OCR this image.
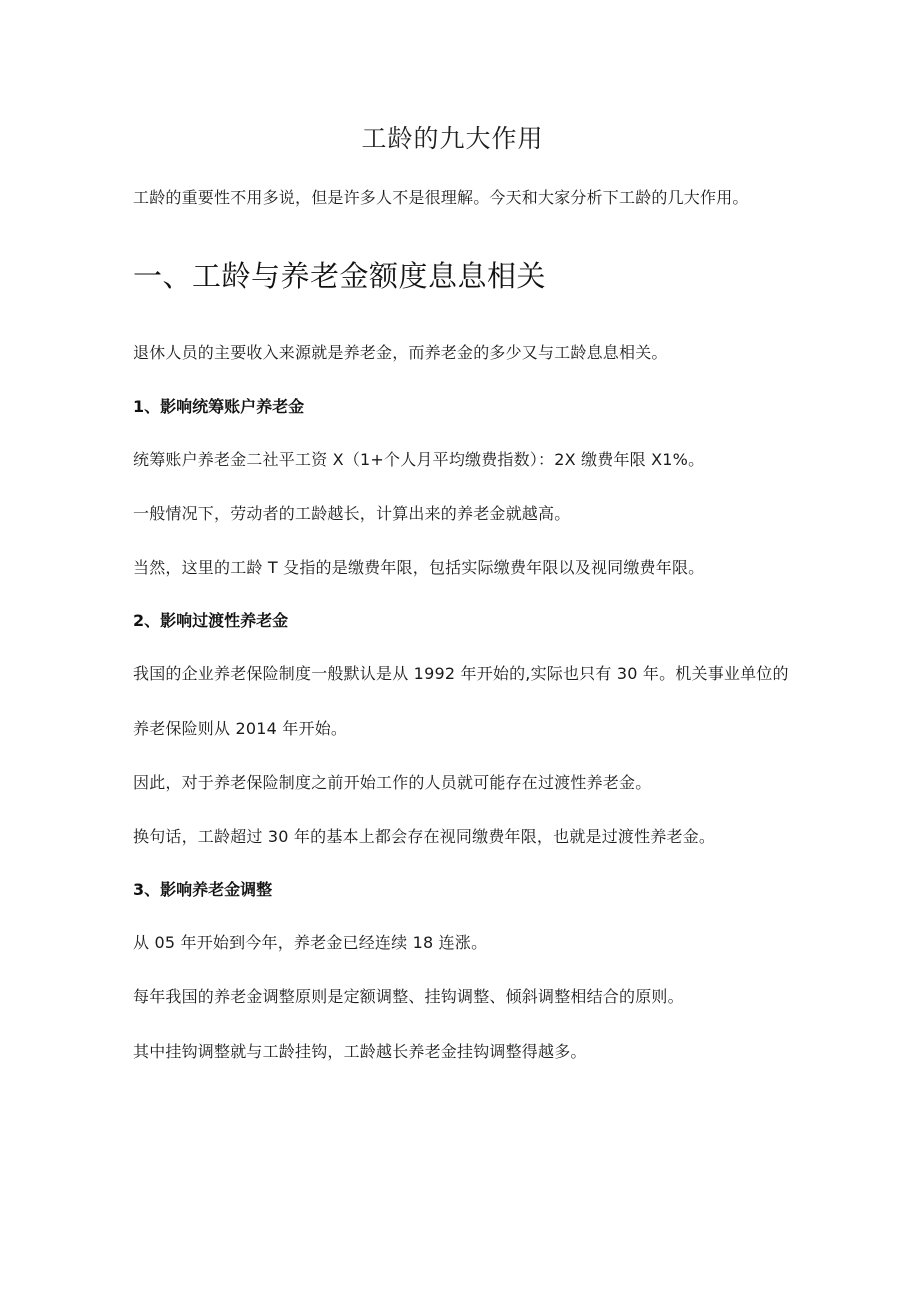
工龄的九大作用
工龄的重要性不用多说，但是许多人不是很理解。今天和大家分析下工龄的几大作用。
一、工龄与养老金额度息息相关
退休人员的主要收入来源就是养老金，而养老金的多少又与工龄息息相关。
1、影响统筹账户养老金
统筹账户养老金二社平工资 X（1+个人月平均缴费指数）：2X 缴费年限 X1%。
一般情况下，劳动者的工龄越长，计算出来的养老金就越高。
当然，这里的工龄 T 殳指的是缴费年限，包括实际缴费年限以及视同缴费年限。
2、影响过渡性养老金
我国的企业养老保险制度一般默认是从 1992 年开始的,实际也只有 30 年。机关事业单位的
养老保险则从 2014 年开始。
因此，对于养老保险制度之前开始工作的人员就可能存在过渡性养老金。
换句话，工龄超过 30 年的基本上都会存在视同缴费年限，也就是过渡性养老金。
3、影响养老金调整
从 05 年开始到今年，养老金已经连续 18 连涨。
每年我国的养老金调整原则是定额调整、挂钩调整、倾斜调整相结合的原则。
其中挂钩调整就与工龄挂钩，工龄越长养老金挂钩调整得越多。
